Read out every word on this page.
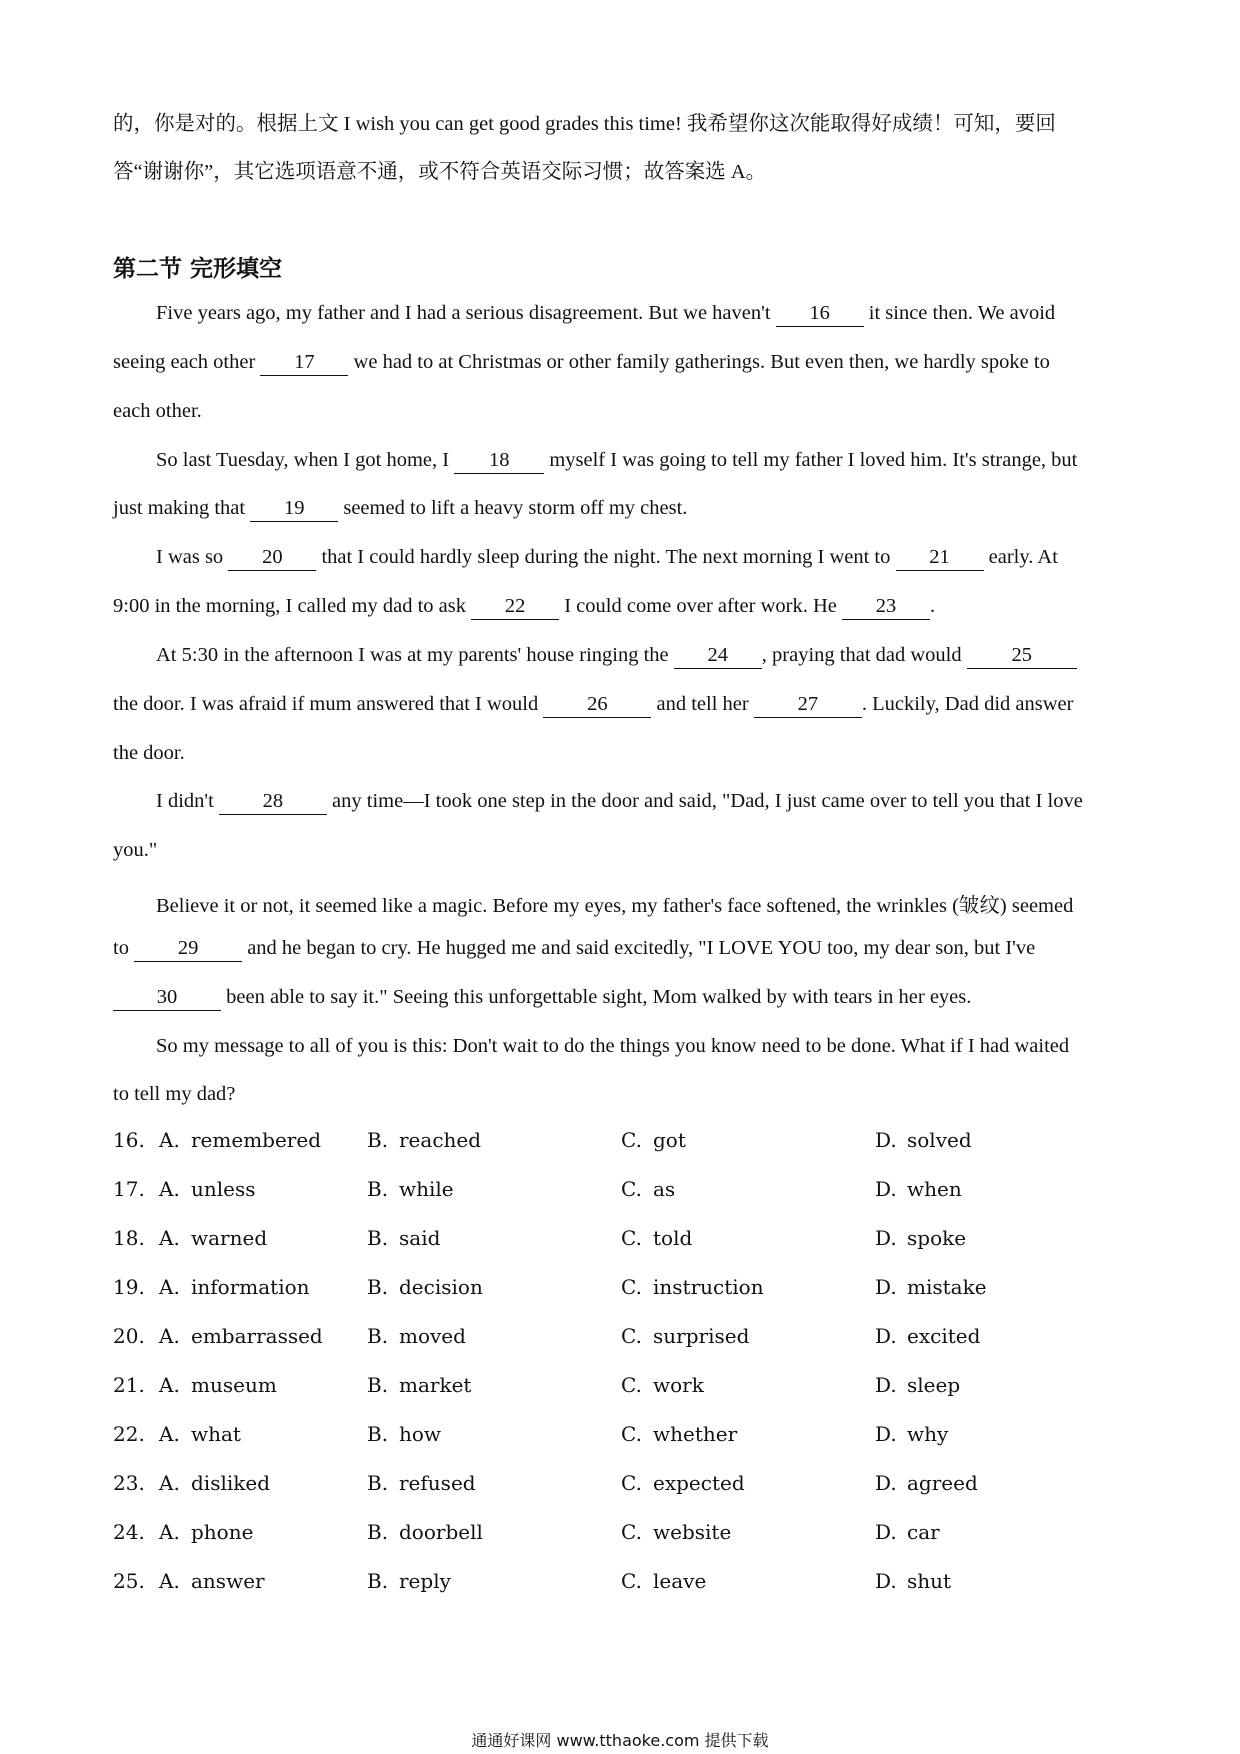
的，你是对的。根据上文 I wish you can get good grades this time! 我希望你这次能取得好成绩！可知，要回
答“谢谢你”，其它选项语意不通，或不符合英语交际习惯；故答案选 A。
第二节 完形填空
Five years ago, my father and I had a serious disagreement. But we haven't 16 it since then. We avoid
seeing each other 17 we had to at Christmas or other family gatherings. But even then, we hardly spoke to
each other.
So last Tuesday, when I got home, I 18 myself I was going to tell my father I loved him. It's strange, but
just making that 19 seemed to lift a heavy storm off my chest.
I was so 20 that I could hardly sleep during the night. The next morning I went to 21 early. At
9:00 in the morning, I called my dad to ask 22 I could come over after work. He 23 .
At 5:30 in the afternoon I was at my parents' house ringing the 24 , praying that dad would 25
the door. I was afraid if mum answered that I would 26 and tell her 27 . Luckily, Dad did answer
the door.
I didn't 28 any time—I took one step in the door and said, "Dad, I just came over to tell you that I love
you."
Believe it or not, it seemed like a magic. Before my eyes, my father's face softened, the wrinkles (皱纹) seemed
to 29 and he began to cry. He hugged me and said excitedly, "I LOVE YOU too, my dear son, but I've
30 been able to say it." Seeing this unforgettable sight, Mom walked by with tears in her eyes.
So my message to all of you is this: Don't wait to do the things you know need to be done. What if I had waited
to tell my dad?
16. A. remembered B. reached	C. got	D. solved
17. A. unless	B. while	C. as	D. when
18. A. warned	B. said	C. told	D. spoke
19. A. information	B. decision	C. instruction	D. mistake
20. A. embarrassed B. moved	C. surprised	D. excited
21. A. museum	B. market	C. work	D. sleep
22. A. what	B. how	C. whether	D. why
23. A. disliked	B. refused	C. expected	D. agreed
24. A. phone	B. doorbell	C. website	D. car
25. A. answer	B. reply	C. leave	D. shut
通通好课网 www.tthaoke.com 提供下载
